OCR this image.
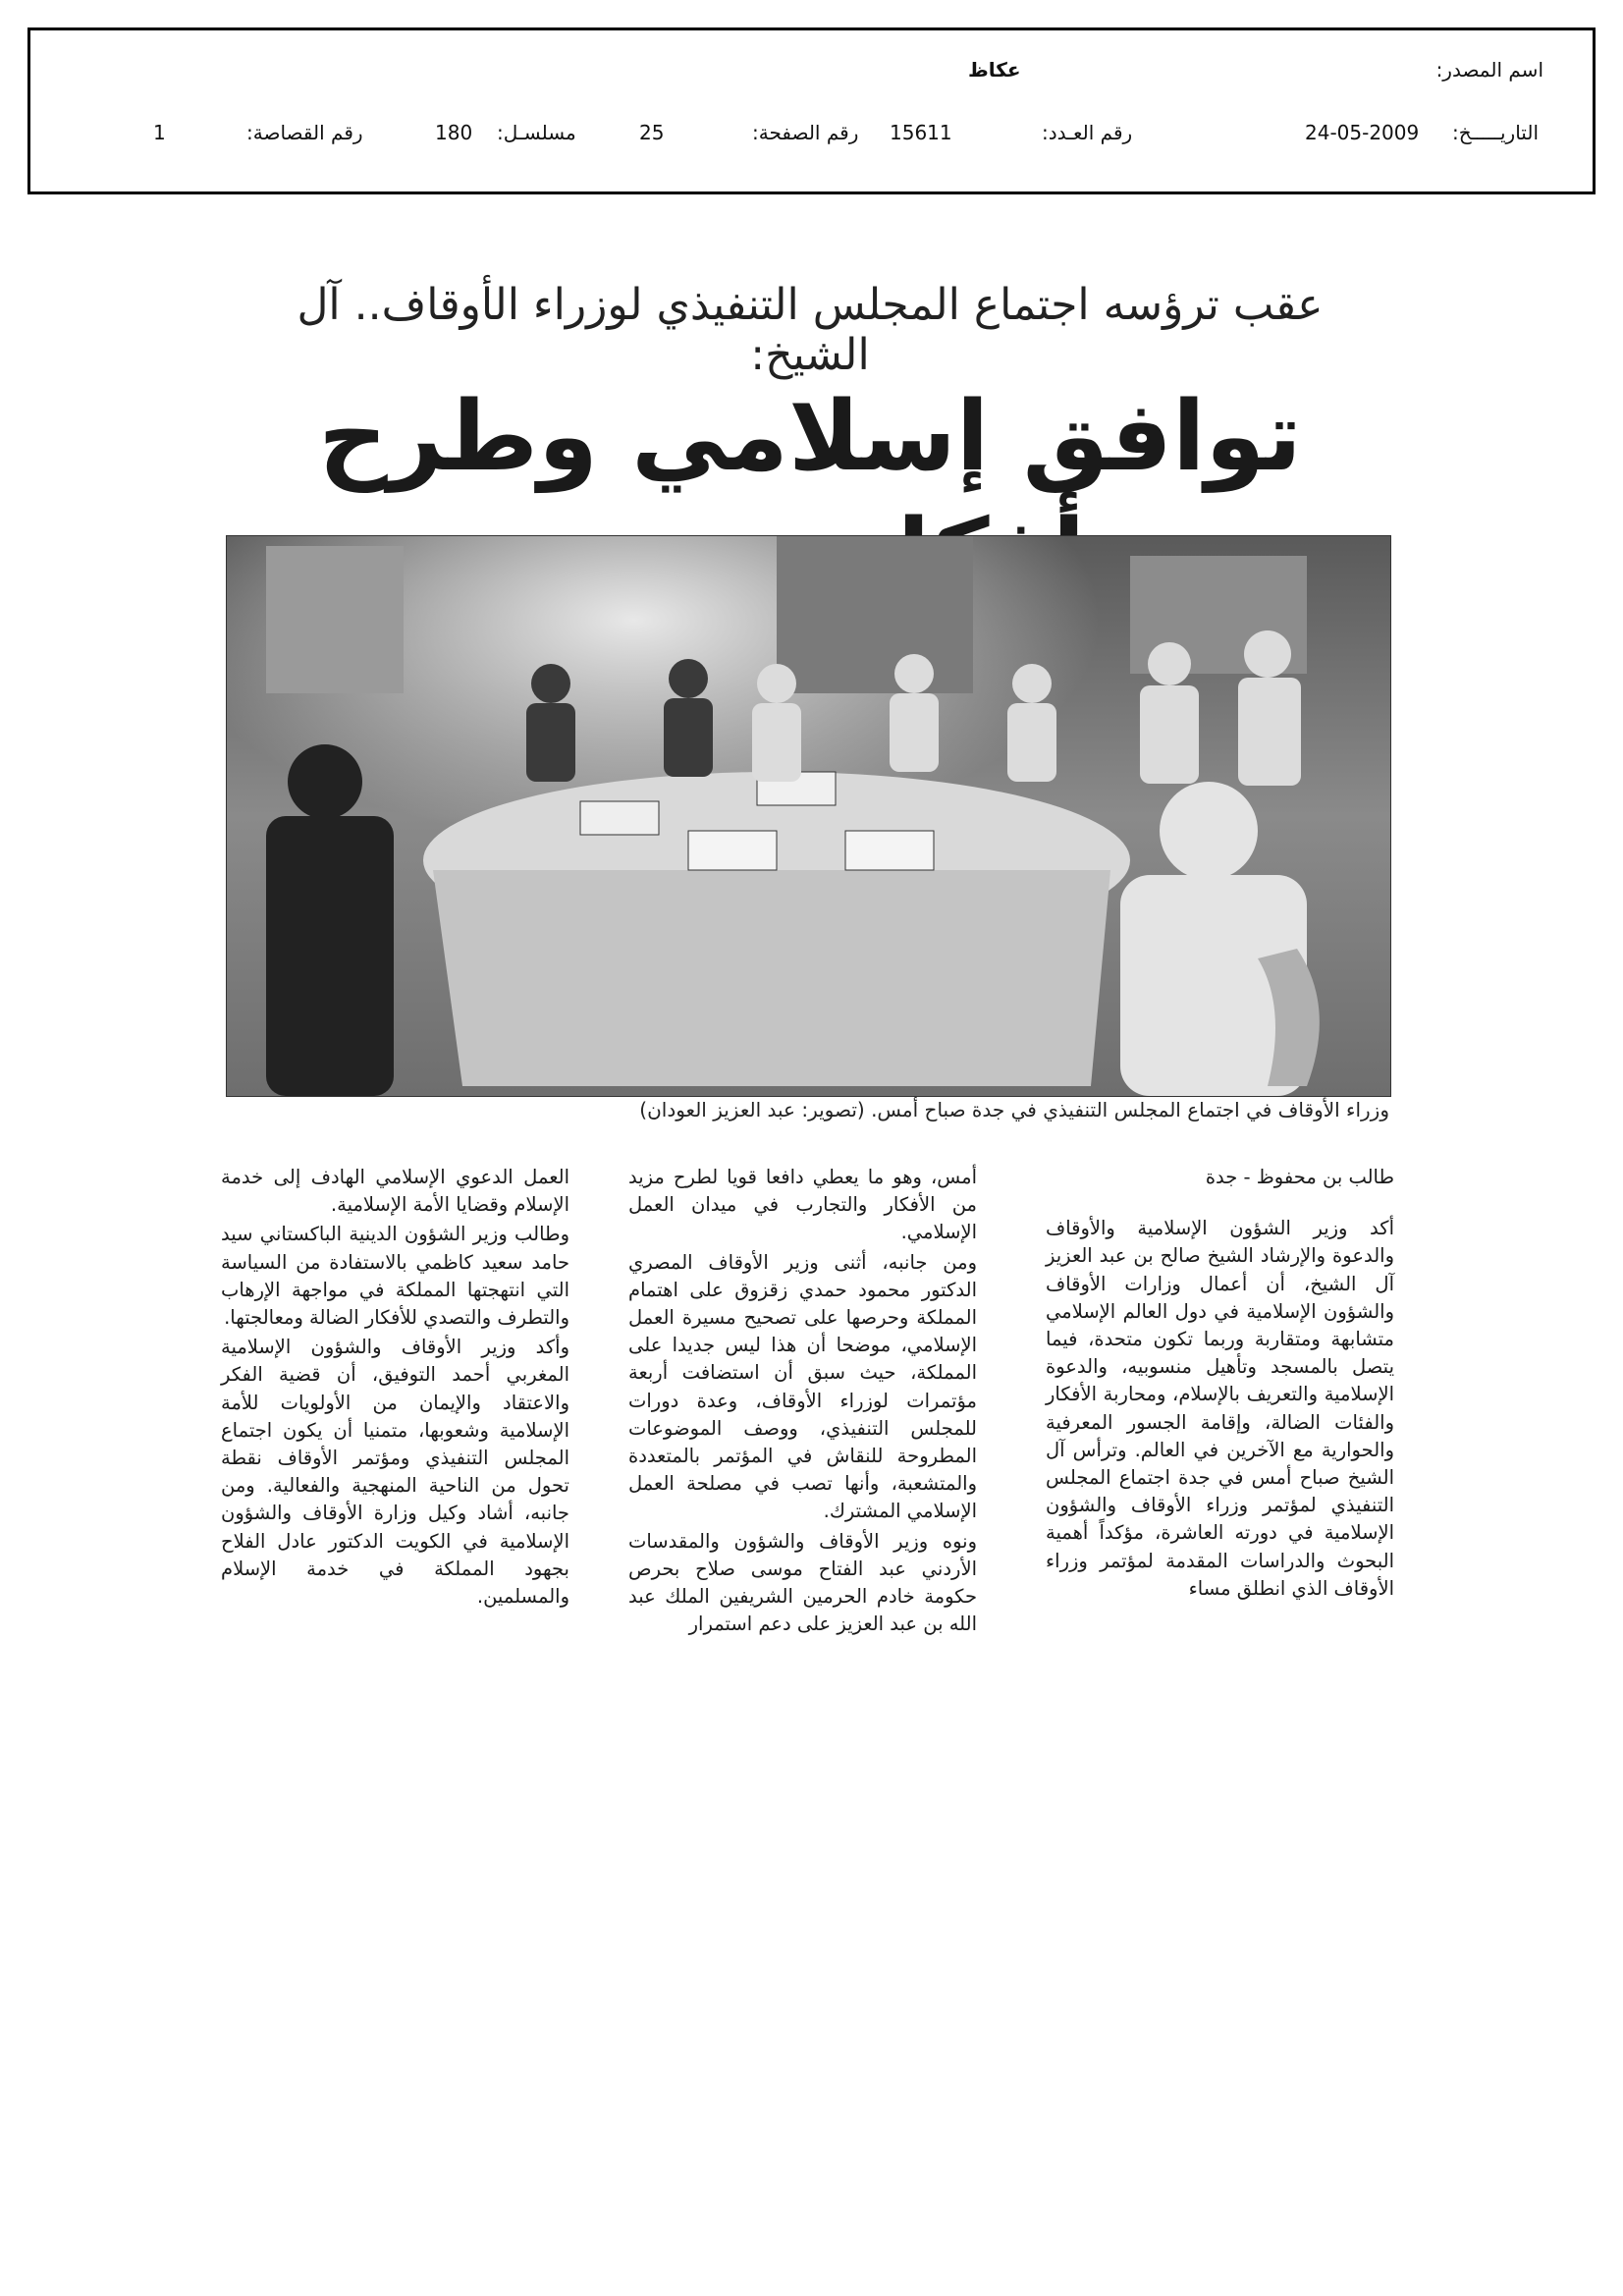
اسم المصدر:
عكاظ
التاريـــــخ:
24-05-2009
رقم العـدد:
15611
رقم الصفحة:
25
مسلسـل:
180
رقم القصاصة:
1
عقب ترؤسه اجتماع المجلس التنفيذي لوزراء الأوقاف.. آل الشيخ:
توافق إسلامي وطرح
وزراء الأوقاف في اجتماع المجلس التنفيذي في جدة صباح أمس. (تصوير: عبد العزيز العودان)
طالب بن محفوظ - جدة

أكد وزير الشؤون الإسلامية والأوقاف والدعوة والإرشاد الشيخ صالح بن عبد العزيز آل الشيخ، أن أعمال وزارات الأوقاف والشؤون الإسلامية في دول العالم الإسلامي متشابهة ومتقاربة وربما تكون متحدة، فيما يتصل بالمسجد وتأهيل منسوبيه، والدعوة الإسلامية والتعريف بالإسلام، ومحاربة الأفكار والفئات الضالة، وإقامة الجسور المعرفية والحوارية مع الآخرين في العالم. وترأس آل الشيخ صباح أمس في جدة اجتماع المجلس التنفيذي لمؤتمر وزراء الأوقاف والشؤون الإسلامية في دورته العاشرة، مؤكداً أهمية البحوث والدراسات المقدمة لمؤتمر وزراء الأوقاف الذي انطلق مساء

أمس، وهو ما يعطي دافعا قويا لطرح مزيد من الأفكار والتجارب في ميدان العمل الإسلامي.

ومن جانبه، أثنى وزير الأوقاف المصري الدكتور محمود حمدي زقزوق على اهتمام المملكة وحرصها على تصحيح مسيرة العمل الإسلامي، موضحا أن هذا ليس جديدا على المملكة، حيث سبق أن استضافت أربعة مؤتمرات لوزراء الأوقاف، وعدة دورات للمجلس التنفيذي، ووصف الموضوعات المطروحة للنقاش في المؤتمر بالمتعددة والمتشعبة، وأنها تصب في مصلحة العمل الإسلامي المشترك.

ونوه وزير الأوقاف والشؤون والمقدسات الأردني عبد الفتاح موسى صلاح بحرص حكومة خادم الحرمين الشريفين الملك عبد الله بن عبد العزيز على دعم استمرار

العمل الدعوي الإسلامي الهادف إلى خدمة الإسلام وقضايا الأمة الإسلامية.

وطالب وزير الشؤون الدينية الباكستاني سيد حامد سعيد كاظمي بالاستفادة من السياسة التي انتهجتها المملكة في مواجهة الإرهاب والتطرف والتصدي للأفكار الضالة ومعالجتها.

وأكد وزير الأوقاف والشؤون الإسلامية المغربي أحمد التوفيق، أن قضية الفكر والاعتقاد والإيمان من الأولويات للأمة الإسلامية وشعوبها، متمنيا أن يكون اجتماع المجلس التنفيذي ومؤتمر الأوقاف نقطة تحول من الناحية المنهجية والفعالية. ومن جانبه، أشاد وكيل وزارة الأوقاف والشؤون الإسلامية في الكويت الدكتور عادل الفلاح بجهود المملكة في خدمة الإسلام والمسلمين.
